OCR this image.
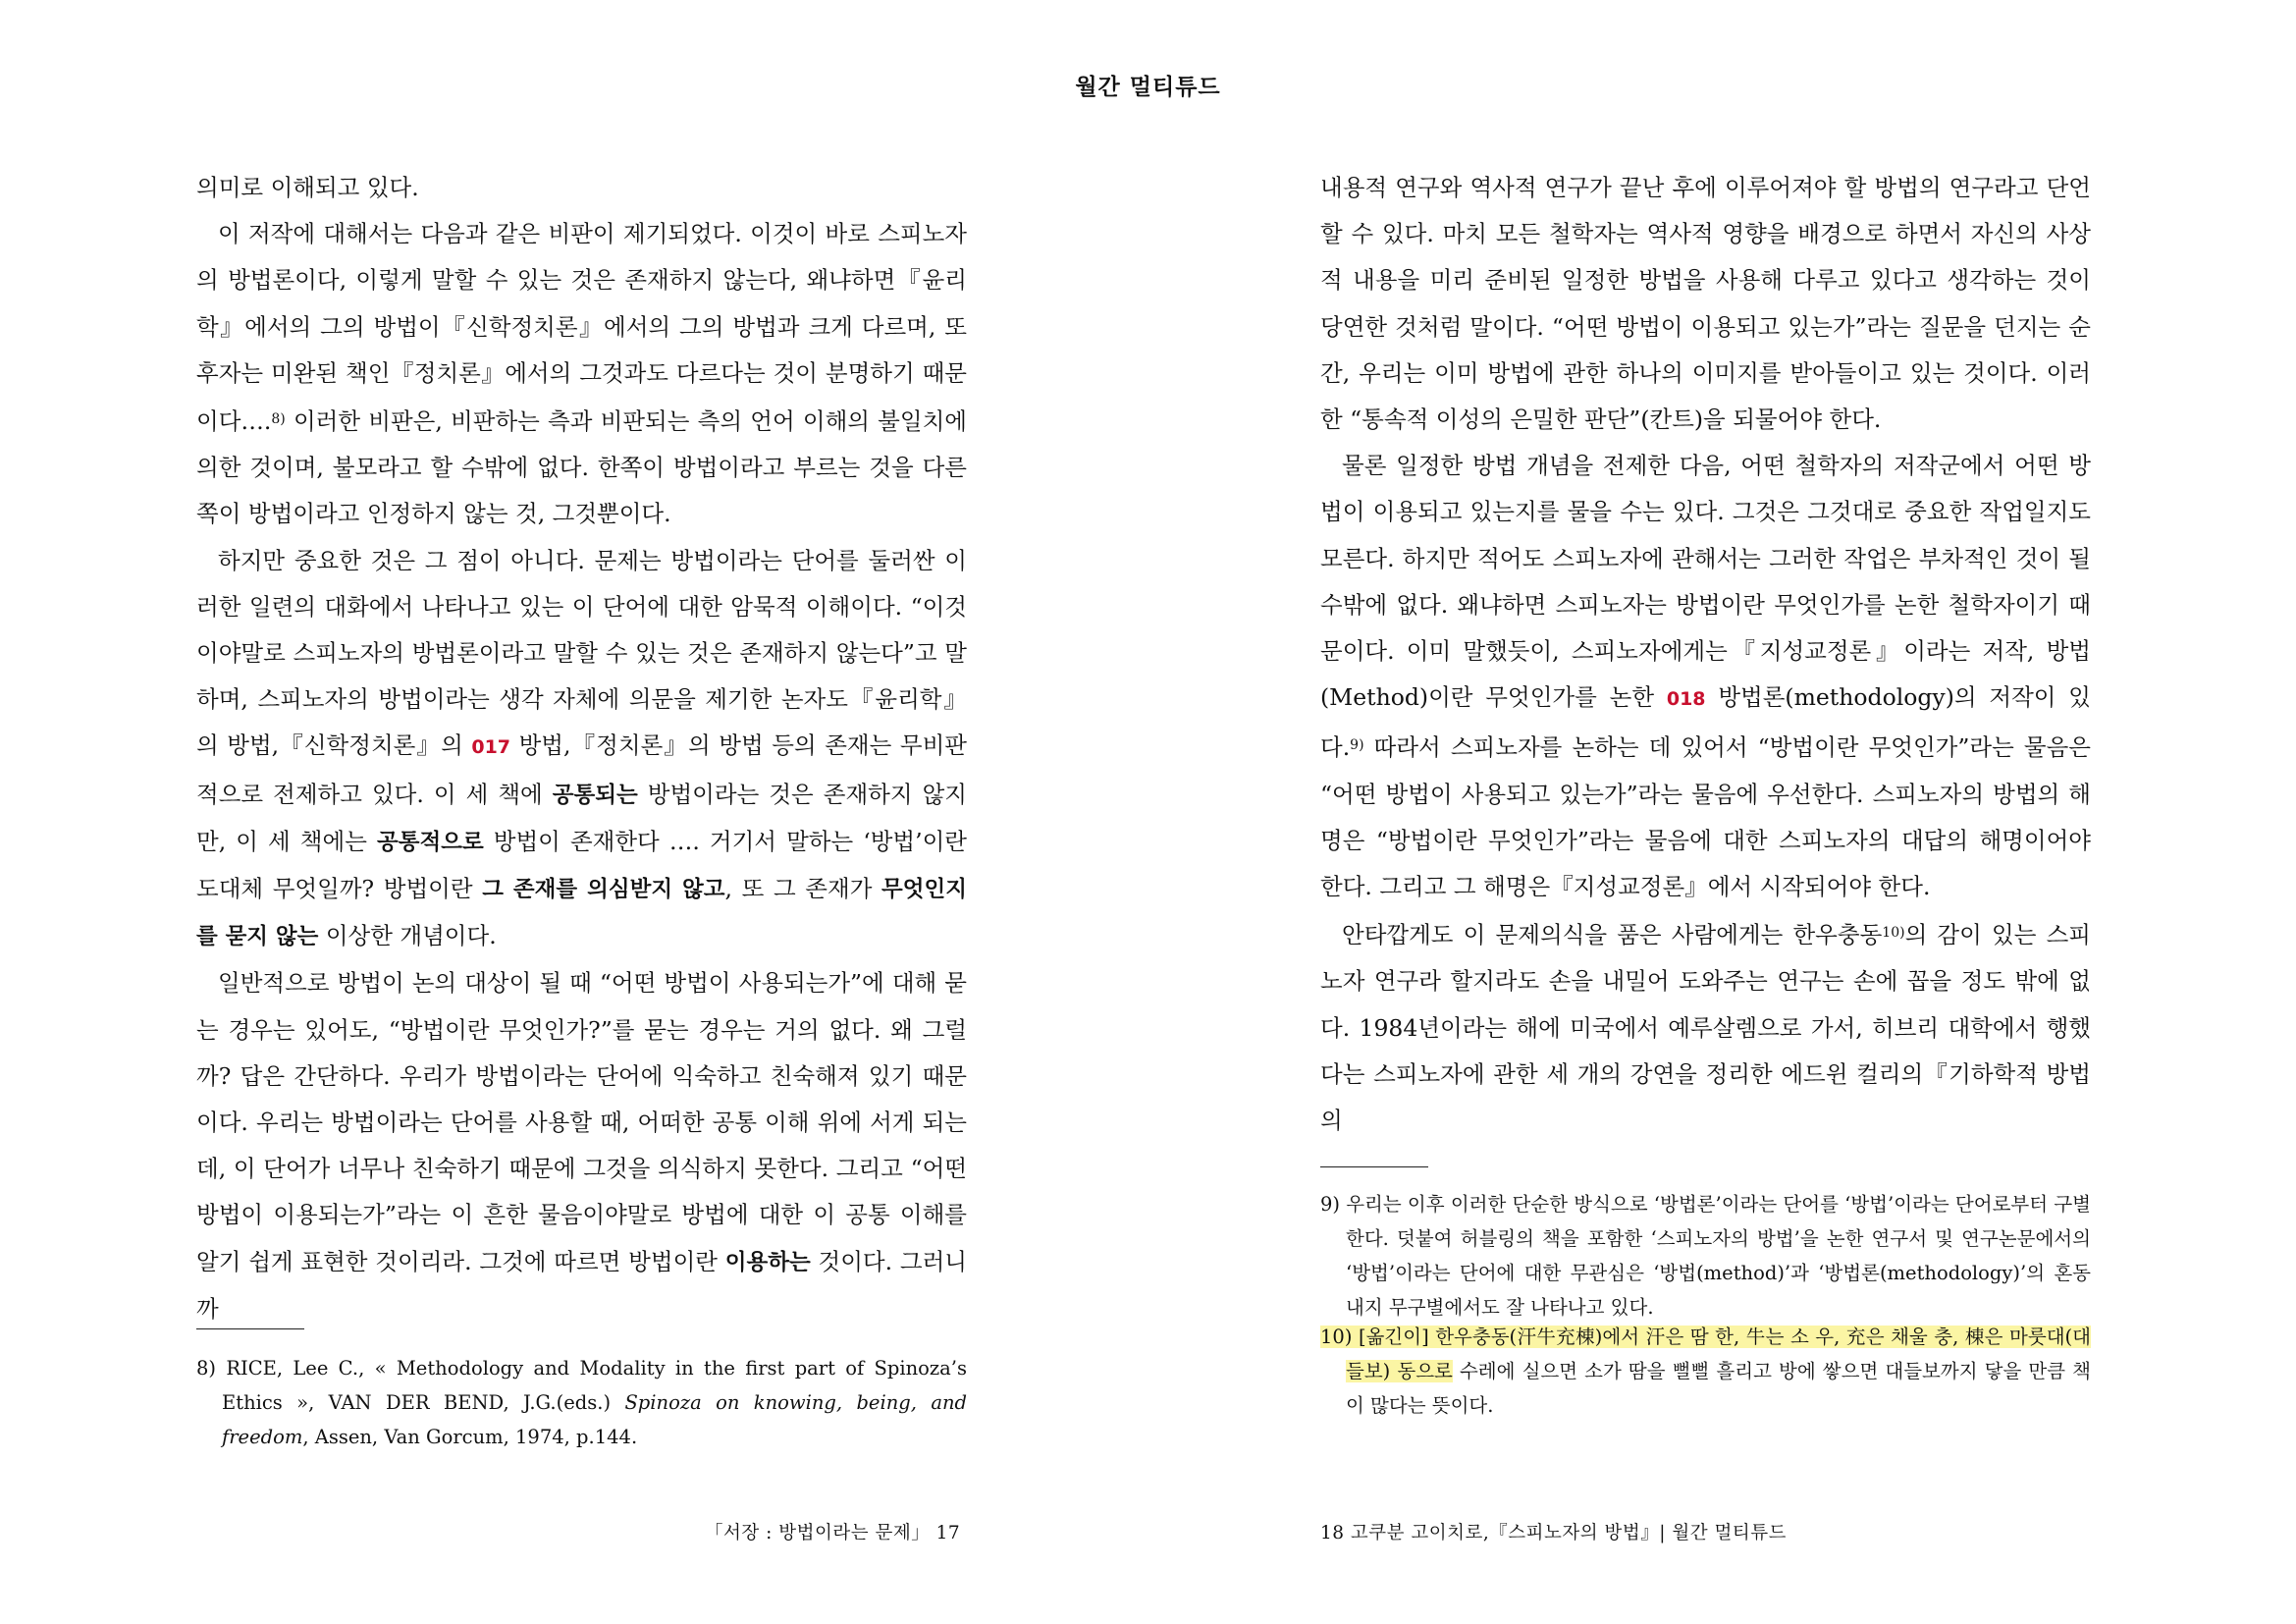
월간 멀티튜드

의미로 이해되고 있다.

이 저작에 대해서는 다음과 같은 비판이 제기되었다. 이것이 바로 스피노자의 방법론이다, 이렇게 말할 수 있는 것은 존재하지 않는다, 왜냐하면『윤리학』에서의 그의 방법이『신학정치론』에서의 그의 방법과 크게 다르며, 또 후자는 미완된 책인『정치론』에서의 그것과도 다르다는 것이 분명하기 때문이다….$^{8)}$ 이러한 비판은, 비판하는 측과 비판되는 측의 언어 이해의 불일치에 의한 것이며, 불모라고 할 수밖에 없다. 한쪽이 방법이라고 부르는 것을 다른 쪽이 방법이라고 인정하지 않는 것, 그것뿐이다.

하지만 중요한 것은 그 점이 아니다. 문제는 방법이라는 단어를 둘러싼 이러한 일련의 대화에서 나타나고 있는 이 단어에 대한 암묵적 이해이다. “이것이야말로 스피노자의 방법론이라고 말할 수 있는 것은 존재하지 않는다”고 말하며, 스피노자의 방법이라는 생각 자체에 의문을 제기한 논자도『윤리학』의 방법,『신학정치론』의 017 방법,『정치론』의 방법 등의 존재는 무비판적으로 전제하고 있다. 이 세 책에 공통되는 방법이라는 것은 존재하지 않지만, 이 세 책에는 공통적으로 방법이 존재한다 …. 거기서 말하는 ‘방법’이란 도대체 무엇일까? 방법이란 그 존재를 의심받지 않고, 또 그 존재가 무엇인지를 묻지 않는 이상한 개념이다.

일반적으로 방법이 논의 대상이 될 때 “어떤 방법이 사용되는가”에 대해 묻는 경우는 있어도, “방법이란 무엇인가?”를 묻는 경우는 거의 없다. 왜 그럴까? 답은 간단하다. 우리가 방법이라는 단어에 익숙하고 친숙해져 있기 때문이다. 우리는 방법이라는 단어를 사용할 때, 어떠한 공통 이해 위에 서게 되는데, 이 단어가 너무나 친숙하기 때문에 그것을 의식하지 못한다. 그리고 “어떤 방법이 이용되는가”라는 이 흔한 물음이야말로 방법에 대한 이 공통 이해를 알기 쉽게 표현한 것이리라. 그것에 따르면 방법이란 이용하는 것이다. 그러니까

8) RICE, Lee C., « Methodology and Modality in the first part of Spinoza’s Ethics », VAN DER BEND, J.G.(eds.) Spinoza on knowing, being, and freedom, Assen, Van Gorcum, 1974, p.144.
「서장 : 방법이라는 문제」 17

내용적 연구와 역사적 연구가 끝난 후에 이루어져야 할 방법의 연구라고 단언할 수 있다. 마치 모든 철학자는 역사적 영향을 배경으로 하면서 자신의 사상적 내용을 미리 준비된 일정한 방법을 사용해 다루고 있다고 생각하는 것이 당연한 것처럼 말이다. “어떤 방법이 이용되고 있는가”라는 질문을 던지는 순간, 우리는 이미 방법에 관한 하나의 이미지를 받아들이고 있는 것이다. 이러한 “통속적 이성의 은밀한 판단”(칸트)을 되물어야 한다.

물론 일정한 방법 개념을 전제한 다음, 어떤 철학자의 저작군에서 어떤 방법이 이용되고 있는지를 물을 수는 있다. 그것은 그것대로 중요한 작업일지도 모른다. 하지만 적어도 스피노자에 관해서는 그러한 작업은 부차적인 것이 될 수밖에 없다. 왜냐하면 스피노자는 방법이란 무엇인가를 논한 철학자이기 때문이다. 이미 말했듯이, 스피노자에게는『지성교정론』이라는 저작, 방법(Method)이란 무엇인가를 논한 018 방법론(methodology)의 저작이 있다.$^{9)}$ 따라서 스피노자를 논하는 데 있어서 “방법이란 무엇인가”라는 물음은 “어떤 방법이 사용되고 있는가”라는 물음에 우선한다. 스피노자의 방법의 해명은 “방법이란 무엇인가”라는 물음에 대한 스피노자의 대답의 해명이어야 한다. 그리고 그 해명은『지성교정론』에서 시작되어야 한다.

안타깝게도 이 문제의식을 품은 사람에게는 한우충동$^{10)}$의 감이 있는 스피노자 연구라 할지라도 손을 내밀어 도와주는 연구는 손에 꼽을 정도 밖에 없다. 1984년이라는 해에 미국에서 예루살렘으로 가서, 히브리 대학에서 행했다는 스피노자에 관한 세 개의 강연을 정리한 에드윈 컬리의『기하학적 방법의

9) 우리는 이후 이러한 단순한 방식으로 ‘방법론’이라는 단어를 ‘방법’이라는 단어로부터 구별한다. 덧붙여 허블링의 책을 포함한 ‘스피노자의 방법’을 논한 연구서 및 연구논문에서의 ‘방법’이라는 단어에 대한 무관심은 ‘방법(method)’과 ‘방법론(methodology)’의 혼동 내지 무구별에서도 잘 나타나고 있다.
10) [옮긴이] 한우충동(汗牛充棟)에서 汗은 땀 한, 牛는 소 우, 充은 채울 충, 棟은 마룻대(대들보) 동으로 수레에 실으면 소가 땀을 뻘뻘 흘리고 방에 쌓으면 대들보까지 닿을 만큼 책이 많다는 뜻이다.
18 고쿠분 고이치로,『스피노자의 방법』| 월간 멀티튜드
